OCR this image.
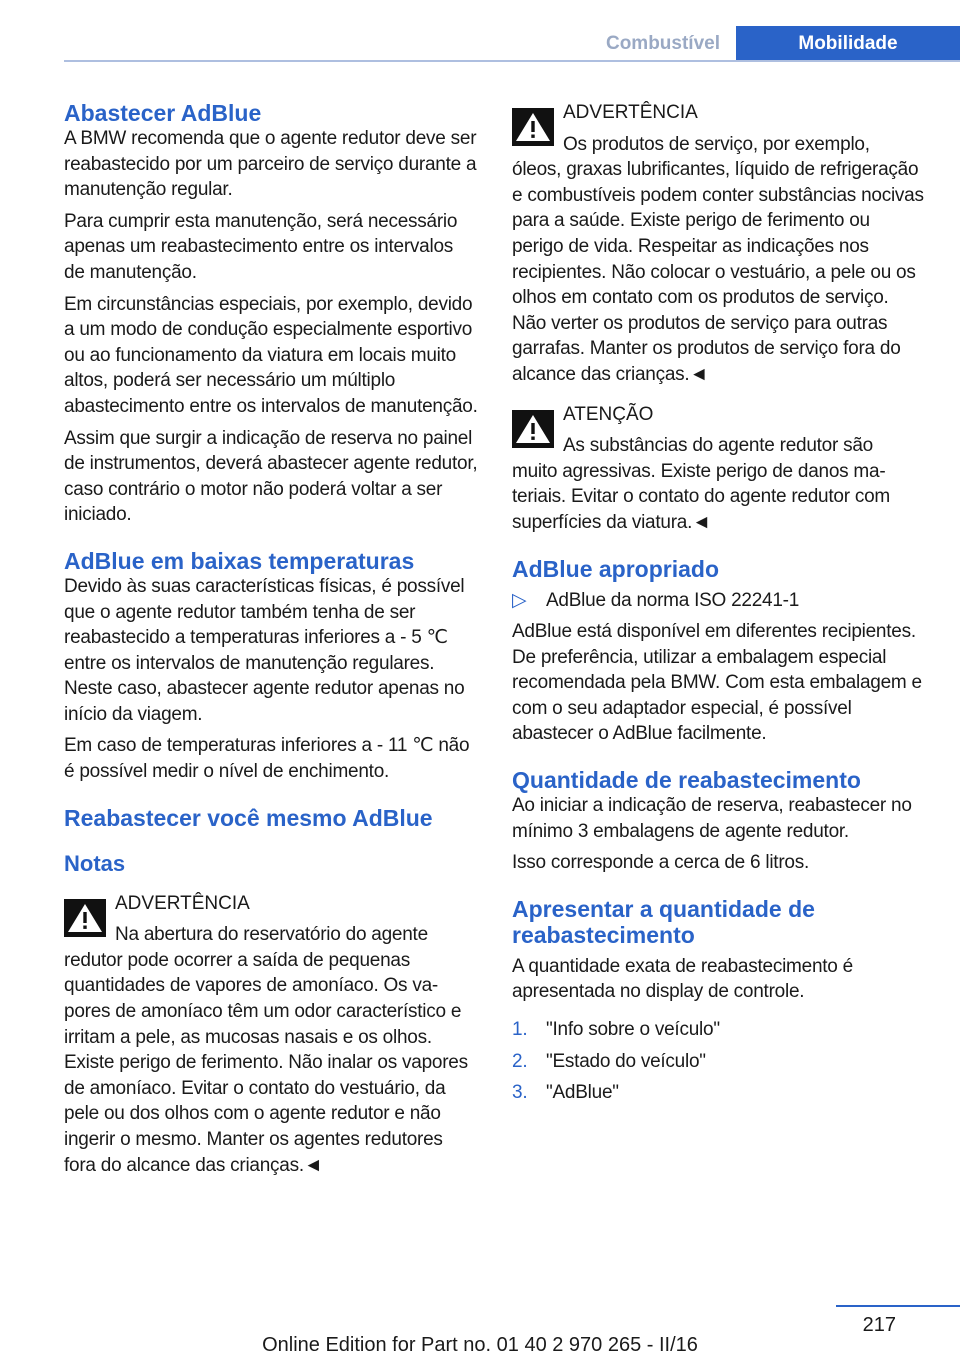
Combustível	Mobilidade
Abastecer AdBlue

A BMW recomenda que o agente redutor deve ser reabastecido por um parceiro de serviço durante a manutenção regular.

Para cumprir esta manutenção, será necessário apenas um reabastecimento entre os intervalos de manutenção.

Em circunstâncias especiais, por exemplo, devido a um modo de condução especialmente esportivo ou ao funcionamento da viatura em locais muito altos, poderá ser necessário um múltiplo abastecimento entre os intervalos de manutenção.

Assim que surgir a indicação de reserva no painel de instrumentos, deverá abastecer agente redutor, caso contrário o motor não poderá voltar a ser iniciado.

AdBlue em baixas temperaturas

Devido às suas características físicas, é possível que o agente redutor também tenha de ser reabastecido a temperaturas inferiores a ‑ 5 ℃ entre os intervalos de manutenção regulares. Neste caso, abastecer agente redutor apenas no início da viagem.

Em caso de temperaturas inferiores a ‑ 11 ℃ não é possível medir o nível de enchimento.

Reabastecer você mesmo AdBlue
Notas
ADVERTÊNCIA
Na abertura do reservatório do agente
redutor pode ocorrer a saída de pequenas quantidades de vapores de amoníaco. Os vapores de amoníaco têm um odor característico e irritam a pele, as mucosas nasais e os olhos. Existe perigo de ferimento. Não inalar os vapores de amoníaco. Evitar o contato do vestuário, da pele ou dos olhos com o agente redutor e não ingerir o mesmo. Manter os agentes redutores fora do alcance das crianças.◄
ADVERTÊNCIA
Os produtos de serviço, por exemplo,
óleos, graxas lubrificantes, líquido de refrigeração e combustíveis podem conter substâncias nocivas para a saúde. Existe perigo de ferimento ou perigo de vida. Respeitar as indicações nos recipientes. Não colocar o vestuário, a pele ou os olhos em contato com os produtos de serviço. Não verter os produtos de serviço para outras garrafas. Manter os produtos de serviço fora do alcance das crianças.◄
ATENÇÃO
As substâncias do agente redutor são
muito agressivas. Existe perigo de danos materiais. Evitar o contato do agente redutor com superfícies da viatura.◄
AdBlue apropriado
▷ AdBlue da norma ISO 22241‑1

AdBlue está disponível em diferentes recipientes. De preferência, utilizar a embalagem especial recomendada pela BMW. Com esta embalagem e com o seu adaptador especial, é possível abastecer o AdBlue facilmente.

Quantidade de reabastecimento

Ao iniciar a indicação de reserva, reabastecer no mínimo 3 embalagens de agente redutor.

Isso corresponde a cerca de 6 litros.

Apresentar a quantidade de reabastecimento

A quantidade exata de reabastecimento é apresentada no display de controle.

1. "Info sobre o veículo"
2. "Estado do veículo"
3. "AdBlue"
217
Online Edition for Part no. 01 40 2 970 265 - II/16
